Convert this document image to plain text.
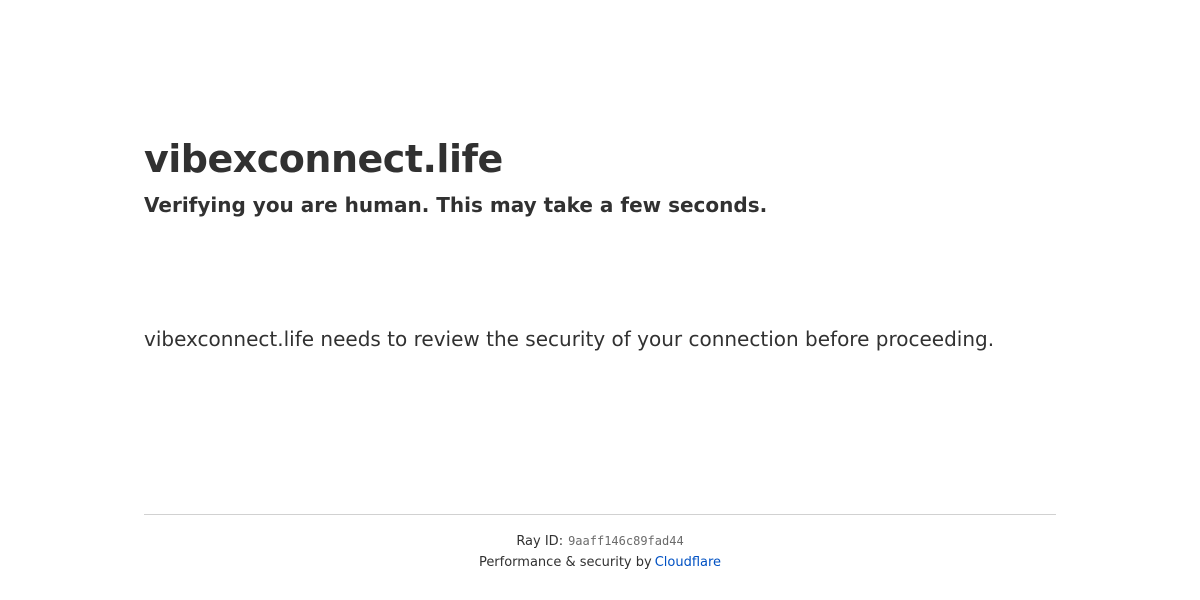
vibexconnect.life
Verifying you are human. This may take a few seconds.

vibexconnect.life needs to review the security of your connection before proceeding.

Ray ID: 9aaff146c89fad44
Performance & security by Cloudflare
